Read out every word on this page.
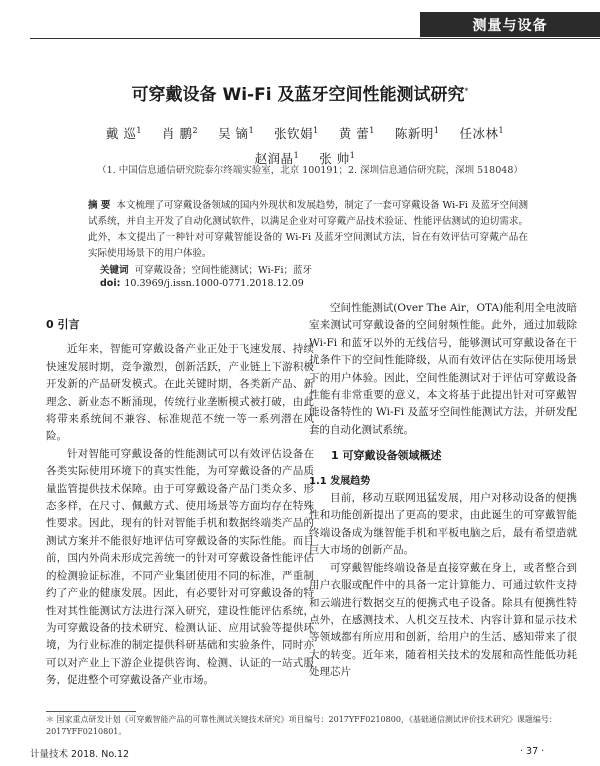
测量与设备
可穿戴设备 Wi-Fi 及蓝牙空间性能测试研究*
戴 巡$^1$ 肖 鹏$^2$ 吴 镝$^1$ 张钦娟$^1$ 黄 蕾$^1$ 陈新明$^1$ 任冰林$^1$赵润晶$^1$ 张 帅$^1$
（1. 中国信息通信研究院泰尔终端实验室，北京 100191；2. 深圳信息通信研究院，深圳 518048）
摘 要 本文梳理了可穿戴设备领域的国内外现状和发展趋势，制定了一套可穿戴设备 Wi-Fi 及蓝牙空间测试系统，并自主开发了自动化测试软件，以满足企业对可穿戴产品技术验证、性能评估测试的迫切需求。此外，本文提出了一种针对可穿戴智能设备的 Wi-Fi 及蓝牙空间测试方法，旨在有效评估可穿戴产品在实际使用场景下的用户体验。
关键词 可穿戴设备；空间性能测试；Wi-Fi；蓝牙
doi: 10.3969/j.issn.1000-0771.2018.12.09

0 引言

近年来，智能可穿戴设备产业正处于飞速发展、持续快速发展时期，竞争激烈，创新活跃，产业链上下游积极开发新的产品研发模式。在此关键时期，各类新产品、新理念、新业态不断涌现，传统行业垄断模式被打破，由此将带来系统间不兼容、标准规范不统一等一系列潜在风险。

针对智能可穿戴设备的性能测试可以有效评估设备在各类实际使用环境下的真实性能，为可穿戴设备的产品质量监管提供技术保障。由于可穿戴设备产品门类众多、形态多样，在尺寸、佩戴方式、使用场景等方面均存在特殊性要求。因此，现有的针对智能手机和数据终端类产品的测试方案并不能很好地评估可穿戴设备的实际性能。而目前，国内外尚未形成完善统一的针对可穿戴设备性能评估的检测验证标准，不同产业集团使用不同的标准，严重制约了产业的健康发展。因此，有必要针对可穿戴设备的特性对其性能测试方法进行深入研究，建设性能评估系统，为可穿戴设备的技术研究、检测认证、应用试验等提供环境，为行业标准的制定提供科研基础和实验条件，同时亦可以对产业上下游企业提供咨询、检测、认证的一站式服务，促进整个可穿戴设备产业市场。

空间性能测试(Over The Air，OTA)能利用全电波暗室来测试可穿戴设备的空间射频性能。此外，通过加载除 Wi-Fi 和蓝牙以外的无线信号，能够测试可穿戴设备在干扰条件下的空间性能降级，从而有效评估在实际使用场景下的用户体验。因此，空间性能测试对于评估可穿戴设备性能有非常重要的意义，本文将基于此提出针对可穿戴智能设备特性的 Wi-Fi 及蓝牙空间性能测试方法，并研发配套的自动化测试系统。

1 可穿戴设备领域概述

1.1 发展趋势

目前，移动互联网迅猛发展，用户对移动设备的便携性和功能创新提出了更高的要求，由此诞生的可穿戴智能终端设备成为继智能手机和平板电脑之后，最有希望造就巨大市场的创新产品。

可穿戴智能终端设备是直接穿戴在身上，或者整合到用户衣服或配件中的具备一定计算能力、可通过软件支持和云端进行数据交互的便携式电子设备。除具有便携性特点外，在感测技术、人机交互技术、内容计算和显示技术等领域都有所应用和创新，给用户的生活、感知带来了很大的转变。近年来，随着相关技术的发展和高性能低功耗处理芯片

＊ 国家重点研发计划《可穿戴智能产品的可靠性测试关键技术研究》项目编号：2017YFF0210800，《基础通信测试评价技术研究》课题编号：2017YFF0210801。
计量技术 2018. No.12	· 37 ·
